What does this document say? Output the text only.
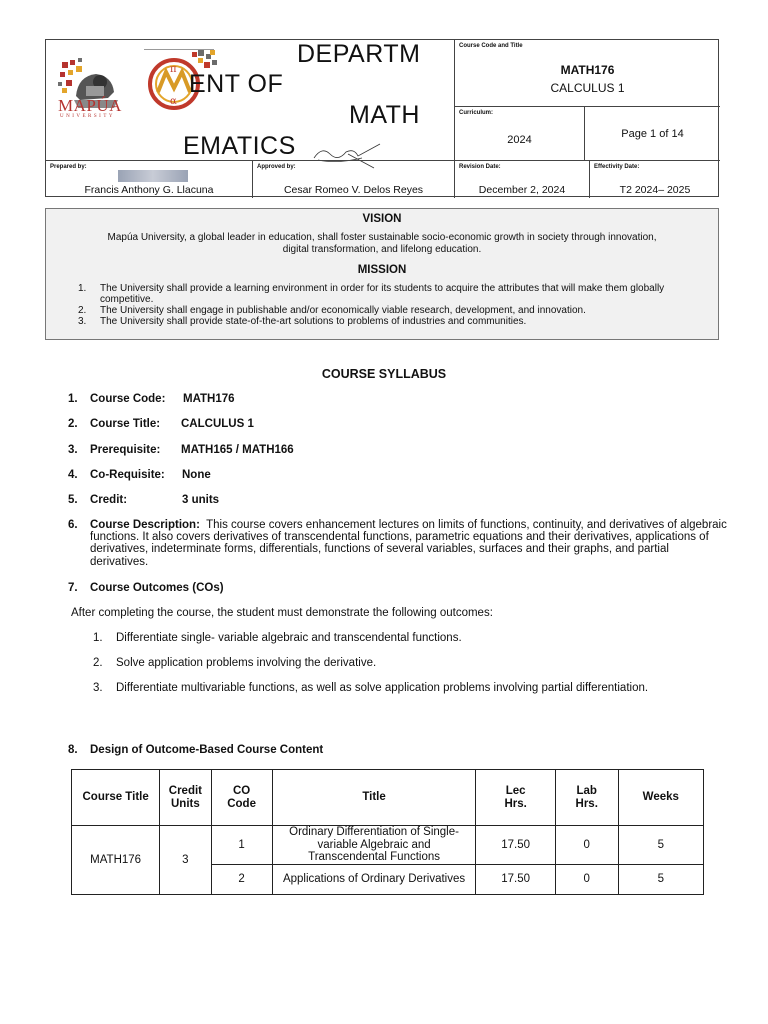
MAPÚA
UNIVERSITY
π
α
DEPARTM
ENT OF
MATH
EMATICS
Course Code and Title
MATH176
CALCULUS 1
Curriculum:
2024	Page 1 of 14
Prepared by:
Francis Anthony G. Llacuna
Approved by:
Cesar Romeo V. Delos Reyes
Revision Date:
December 2, 2024
Effectivity Date:
T2 2024– 2025
VISION
Mapúa University, a global leader in education, shall foster sustainable socio-economic growth in society through innovation, digital transformation, and lifelong education.
MISSION
1. The University shall provide a learning environment in order for its students to acquire the attributes that will make them globally competitive.
2. The University shall engage in publishable and/or economically viable research, development, and innovation.
3. The University shall provide state-of-the-art solutions to problems of industries and communities.
COURSE SYLLABUS
1. Course Code: MATH176
2. Course Title: CALCULUS 1
3. Prerequisite: MATH165 / MATH166
4. Co-Requisite: None
5. Credit:	3 units
6. Course Description: This course covers enhancement lectures on limits of functions, continuity, and derivatives of algebraic functions. It also covers derivatives of transcendental functions, parametric equations and their derivatives, applications of derivatives, indeterminate forms, differentials, functions of several variables, surfaces and their graphs, and partial derivatives.
7. Course Outcomes (COs)
After completing the course, the student must demonstrate the following outcomes:
1. Differentiate single- variable algebraic and transcendental functions.
2. Solve application problems involving the derivative.
3. Differentiate multivariable functions, as well as solve application problems involving partial differentiation.
8. Design of Outcome-Based Course Content
Course Title	Credit Units	CO Code	Title	Lec Hrs.	Lab Hrs.	Weeks
MATH176	3	1	Ordinary Differentiation of Single-variable Algebraic and Transcendental Functions	17.50	0	5
		2	Applications of Ordinary Derivatives	17.50	0	5
